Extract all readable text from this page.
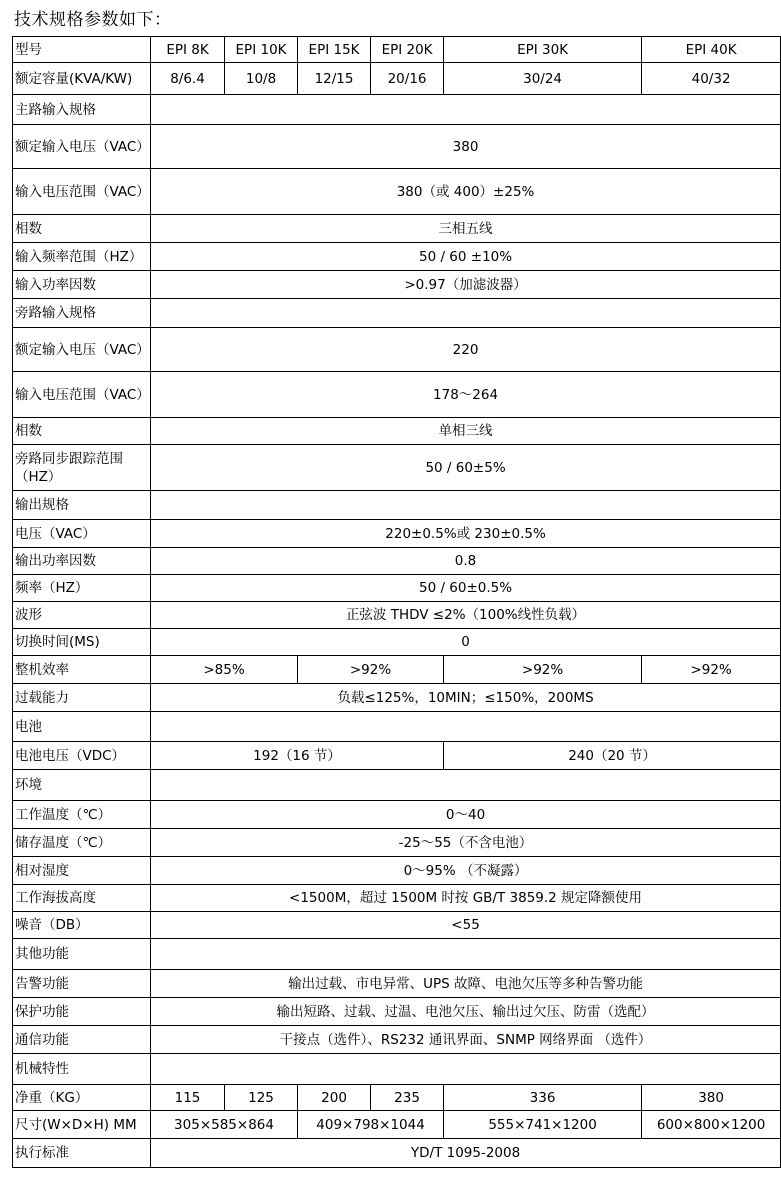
技术规格参数如下：
型号	EPI 8K	EPI 10K	EPI 15K	EPI 20K	EPI 30K	EPI 40K
额定容量(KVA/KW)	8/6.4	10/8	12/15	20/16	30/24	40/32
主路输入规格						
额定输入电压（VAC）	380					
输入电压范围（VAC）	380（或 400）±25%					
相数	三相五线					
输入频率范围（HZ）	50 / 60 ±10%					
输入功率因数	>0.97（加滤波器）					
旁路输入规格						
额定输入电压（VAC）	220					
输入电压范围（VAC）	178～264					
相数	单相三线					
旁路同步跟踪范围（HZ）	50 / 60±5%					
输出规格						
电压（VAC）	220±0.5%或 230±0.5%					
输出功率因数	0.8					
频率（HZ）	50 / 60±0.5%					
波形	正弦波 THDV ≤2%（100%线性负载）					
切换时间(MS)	0					
整机效率	>85%		>92%		>92%	>92%
过载能力	负载≤125%，10MIN；≤150%，200MS					
电池						
电池电压（VDC）	192（16 节）				240（20 节）	
环境						
工作温度（℃）	0～40					
储存温度（℃）	-25～55（不含电池）					
相对湿度	0～95% （不凝露）					
工作海拔高度	<1500M，超过 1500M 时按 GB/T 3859.2 规定降额使用					
噪音（DB）	<55					
其他功能						
告警功能	输出过载、市电异常、UPS 故障、电池欠压等多种告警功能					
保护功能	输出短路、过载、过温、电池欠压、输出过欠压、防雷（选配）					
通信功能	干接点（选件）、RS232 通讯界面、SNMP 网络界面 （选件）					
机械特性						
净重（KG）	115	125	200	235	336	380
尺寸(W×D×H) MM	305×585×864		409×798×1044		555×741×1200	600×800×1200
执行标准	YD/T 1095-2008					
